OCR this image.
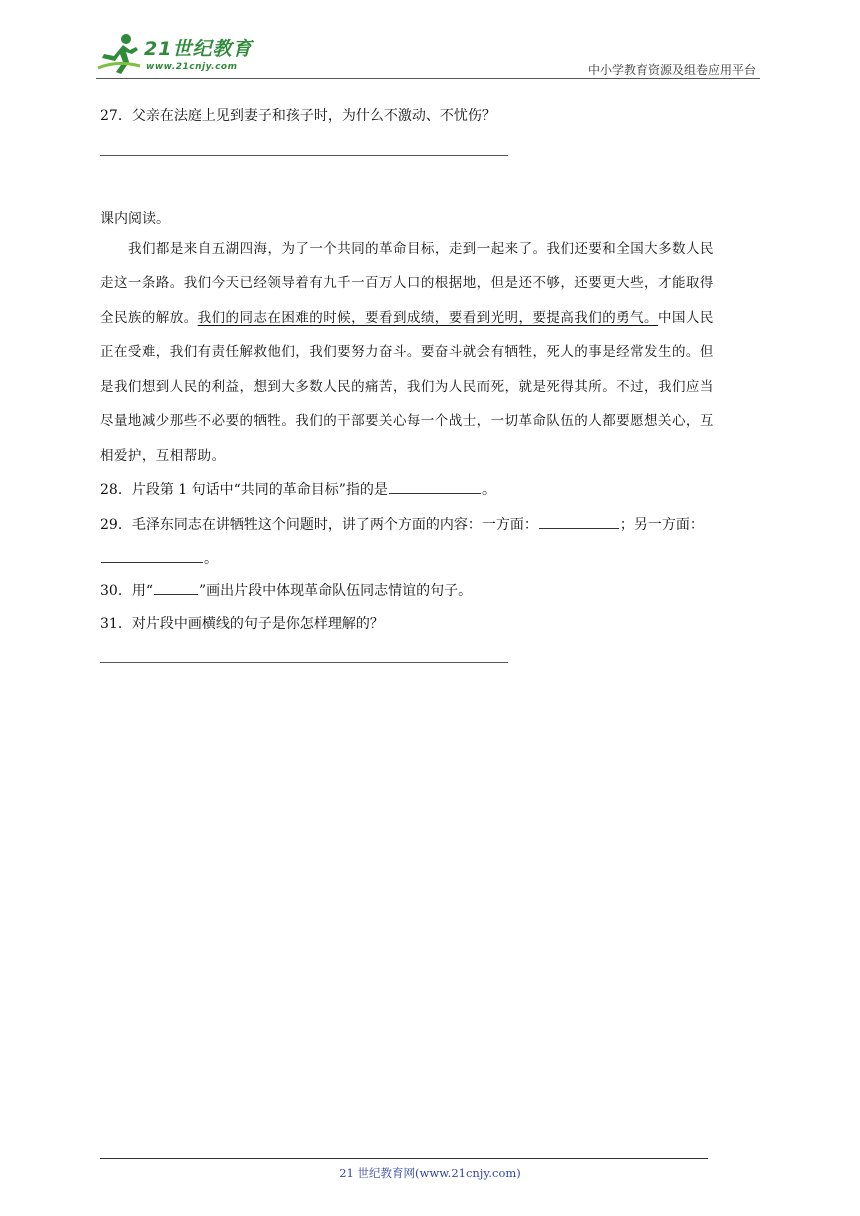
21世纪教育
www.21cnjy.com	中小学教育资源及组卷应用平台
27．父亲在法庭上见到妻子和孩子时，为什么不激动、不忧伤？
课内阅读。
我们都是来自五湖四海，为了一个共同的革命目标，走到一起来了。我们还要和全国大多数人民
走这一条路。我们今天已经领导着有九千一百万人口的根据地，但是还不够，还要更大些，才能取得
全民族的解放。我们的同志在困难的时候，要看到成绩，要看到光明，要提高我们的勇气。中国人民
正在受难，我们有责任解救他们，我们要努力奋斗。要奋斗就会有牺牲，死人的事是经常发生的。但
是我们想到人民的利益，想到大多数人民的痛苦，我们为人民而死，就是死得其所。不过，我们应当
尽量地减少那些不必要的牺牲。我们的干部要关心每一个战士，一切革命队伍的人都要愿想关心，互
相爱护，互相帮助。
28．片段第 1 句话中“共同的革命目标”指的是	。
29．毛泽东同志在讲牺牲这个问题时，讲了两个方面的内容：一方面：	；另一方面：
。
30．用“	”画出片段中体现革命队伍同志情谊的句子。
31．对片段中画横线的句子是你怎样理解的？
21 世纪教育网(www.21cnjy.com)
